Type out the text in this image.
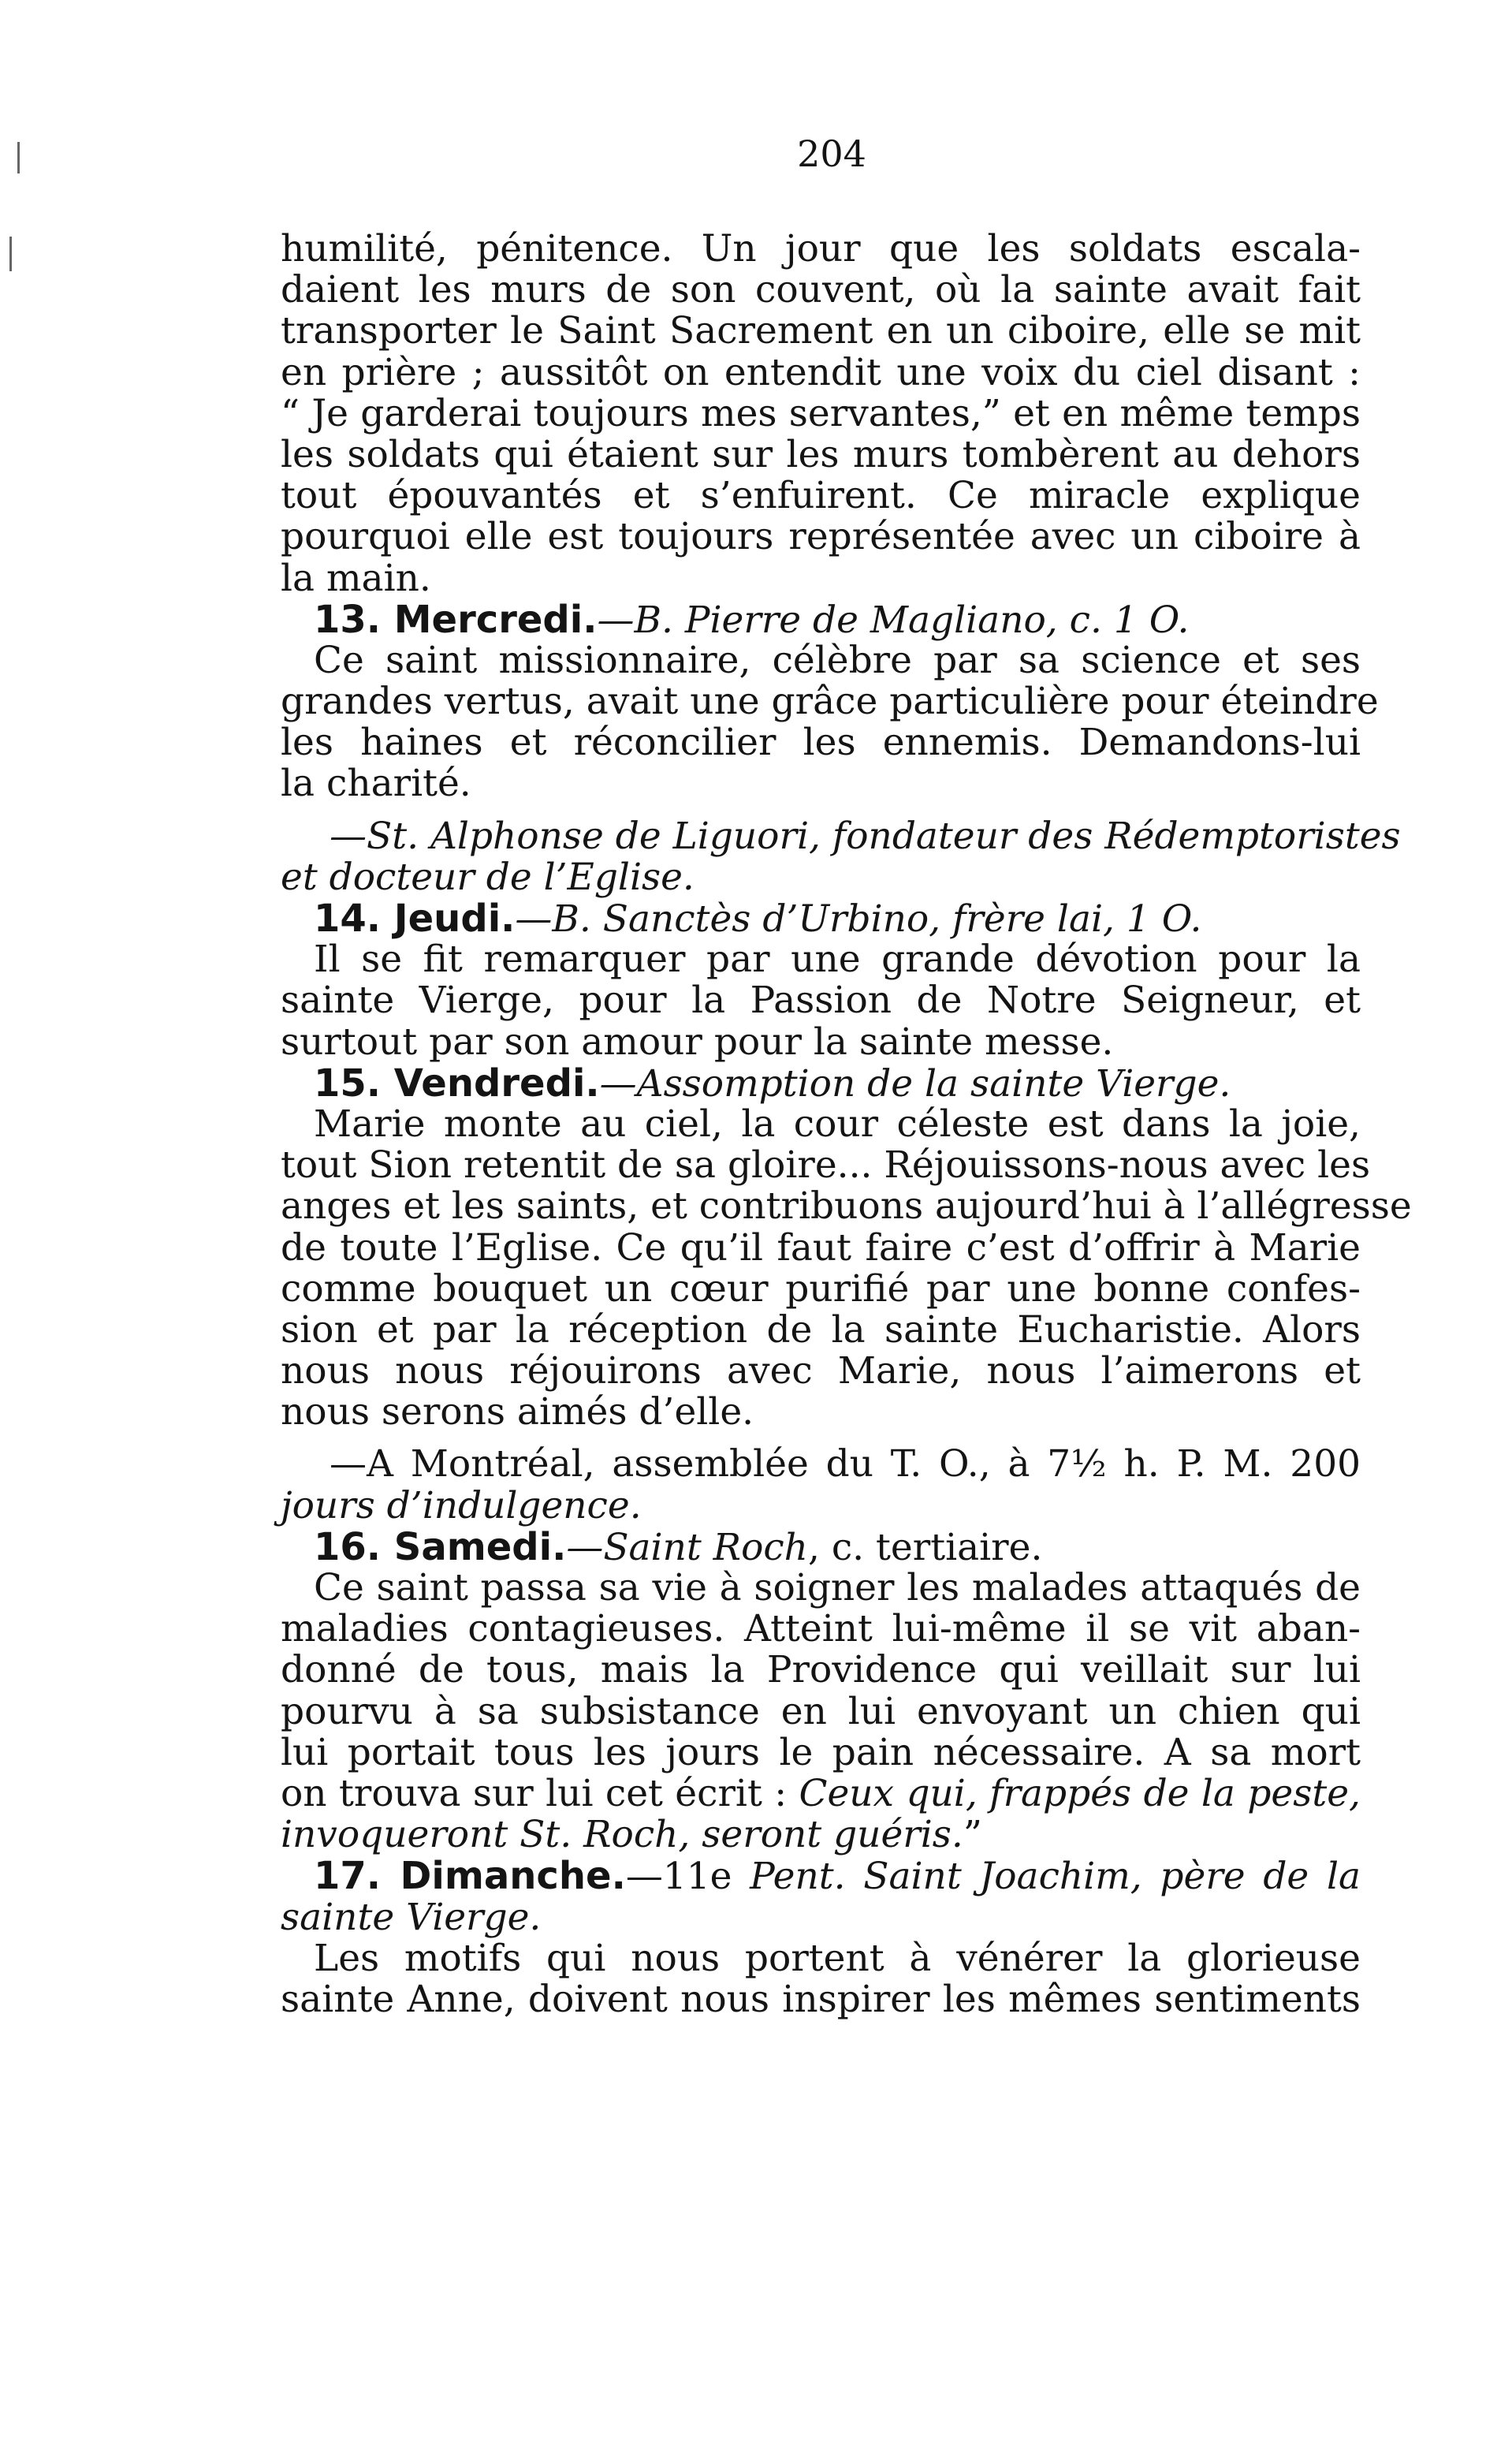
204
humilité, pénitence. Un jour que les soldats escala-
daient les murs de son couvent, où la sainte avait fait
transporter le Saint Sacrement en un ciboire, elle se mit
en prière ; aussitôt on entendit une voix du ciel disant :
“ Je garderai toujours mes servantes,” et en même temps
les soldats qui étaient sur les murs tombèrent au dehors
tout épouvantés et s’enfuirent. Ce miracle explique
pourquoi elle est toujours représentée avec un ciboire à
la main.
13. Mercredi.—B. Pierre de Magliano, c. 1 O.
Ce saint missionnaire, célèbre par sa science et ses
grandes vertus, avait une grâce particulière pour éteindre
les haines et réconcilier les ennemis. Demandons-lui
la charité.
—St. Alphonse de Liguori, fondateur des Rédemptoristes
et docteur de l’Eglise.
14. Jeudi.—B. Sanctès d’Urbino, frère lai, 1 O.
Il se fit remarquer par une grande dévotion pour la
sainte Vierge, pour la Passion de Notre Seigneur, et
surtout par son amour pour la sainte messe.
15. Vendredi.—Assomption de la sainte Vierge.
Marie monte au ciel, la cour céleste est dans la joie,
tout Sion retentit de sa gloire... Réjouissons-nous avec les
anges et les saints, et contribuons aujourd’hui à l’allégresse
de toute l’Eglise. Ce qu’il faut faire c’est d’offrir à Marie
comme bouquet un cœur purifié par une bonne confes-
sion et par la réception de la sainte Eucharistie. Alors
nous nous réjouirons avec Marie, nous l’aimerons et
nous serons aimés d’elle.
—A Montréal, assemblée du T. O., à 7½ h. P. M. 200
jours d’indulgence.
16. Samedi.—Saint Roch, c. tertiaire.
Ce saint passa sa vie à soigner les malades attaqués de
maladies contagieuses. Atteint lui-même il se vit aban-
donné de tous, mais la Providence qui veillait sur lui
pourvu à sa subsistance en lui envoyant un chien qui
lui portait tous les jours le pain nécessaire. A sa mort
on trouva sur lui cet écrit : Ceux qui, frappés de la peste,
invoqueront St. Roch, seront guéris.”
17. Dimanche.—11e Pent. Saint Joachim, père de la
sainte Vierge.
Les motifs qui nous portent à vénérer la glorieuse
sainte Anne, doivent nous inspirer les mêmes sentiments
